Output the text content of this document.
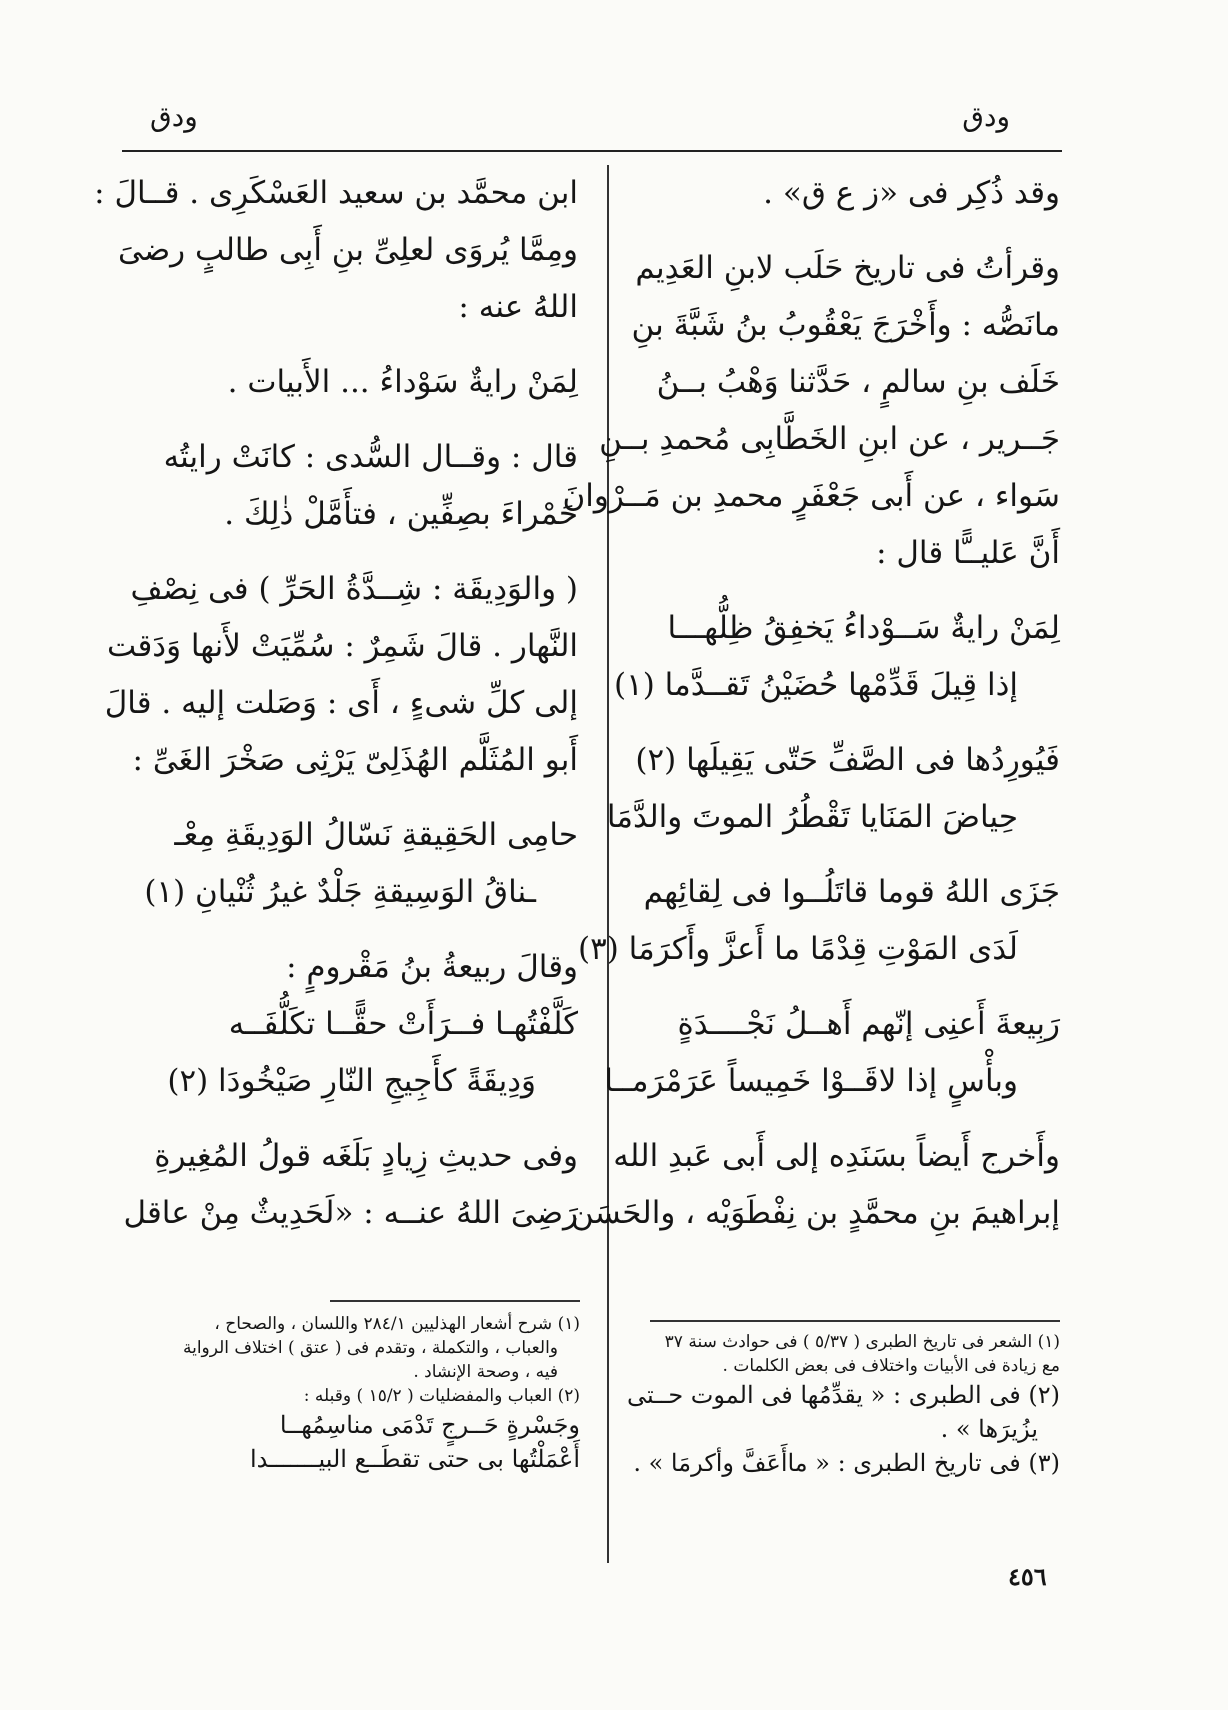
ودق
ودق
وقد ذُكِر فى «ز ع ق» .
وقرأتُ فى تاريخ حَلَب لابنِ العَدِيم
مانَصُّه : وأَخْرَجَ يَعْقُوبُ بنُ شَبَّةَ بنِ
خَلَف بنِ سالمٍ ، حَدَّثنا وَهْبُ بــنُ
جَــرير ، عن ابنِ الخَطَّابِى مُحمدِ بــنِ
سَواء ، عن أَبى جَعْفَرٍ محمدِ بن مَــرْوانَ
أَنَّ عَليــًّا قال :
لِمَنْ رايةٌ سَــوْداءُ يَخفِقُ ظِلُّهـــا
إذا قِيلَ قَدِّمْها حُضَيْنُ تَقــدَّما (١)
فَيُورِدُها فى الصَّفِّ حَتّى يَقِيلَها (٢)
حِياضَ المَنَايا تَقْطُرُ الموتَ والدَّمَا
جَزَى اللهُ قوما قاتَلُــوا فى لِقائِهم
لَدَى المَوْتِ قِدْمًا ما أَعزَّ وأَكرَمَا (٣)
رَبِيعةَ أَعنِى إنّهم أَهــلُ نَجْــــدَةٍ
وبأْسٍ إذا لاقَــوْا خَمِيساً عَرَمْرَمــا
وأَخرج أَيضاً بسَنَدِه إلى أَبى عَبدِ الله
إبراهيمَ بنِ محمَّدٍ بن نِفْطَوَيْه ، والحَسَن
(١) الشعر فى تاريخ الطبرى ( ٥/٣٧ ) فى حوادث سنة ٣٧
مع زيادة فى الأبيات واختلاف فى بعض الكلمات .
(٢) فى الطبرى : « يقدِّمُها فى الموت حــتى
يزُيرَها » .
(٣) فى تاريخ الطبرى : « ماأَعَفَّ وأكرمَا » .
ابن محمَّد بن سعيد العَسْكَرِى . قــالَ :
ومِمَّا يُروَى لعلِىِّ بنِ أَبِى طالبٍ رضىَ
اللهُ عنه :
لِمَنْ رايةٌ سَوْداءُ ... الأَبيات .
قال : وقــال السُّدى : كانَتْ رايتُه
حَمْراءَ بصِفِّين ، فتأَمَّلْ ذٰلِكَ .
( والوَدِيقَة : شِــدَّةُ الحَرِّ ) فى نِصْفِ
النَّهار . قالَ شَمِرٌ : سُمِّيَتْ لأَنها وَدَقت
إلى كلِّ شىءٍ ، أَى : وَصَلت إليه . قالَ
أَبو المُثَلَّم الهُذَلِىّ يَرْثِى صَخْرَ الغَىِّ :
حامِى الحَقِيقةِ نَسّالُ الوَدِيقَةِ مِعْـ
ـناقُ الوَسِيقةِ جَلْدٌ غيرُ ثُنْيانِ (١)
وقالَ ربيعةُ بنُ مَقْرومٍ :
كَلَّفْتُهـا فــرَأَتْ حقًّــا تكَلُّفَــه
وَدِيقَةً كأَجِيجِ النّارِ صَيْخُودَا (٢)
وفى حديثِ زِيادٍ بَلَغَه قولُ المُغِيرةِ
رَضِىَ اللهُ عنــه : «لَحَدِيثٌ مِنْ عاقل
(١) شرح أشعار الهذليين ٢٨٤/١ واللسان ، والصحاح ،
والعباب ، والتكملة ، وتقدم فى ( عتق ) اختلاف الرواية
فيه ، وصحة الإنشاد .
(٢) العباب والمفضليات ( ١٥/٢ ) وقبله :
وجَسْرةٍ حَــرجٍ تَدْمَى مناسِمُهــا
أَعْمَلْتُها بى حتى تقطَــع البيـــــــدا
٤٥٦
